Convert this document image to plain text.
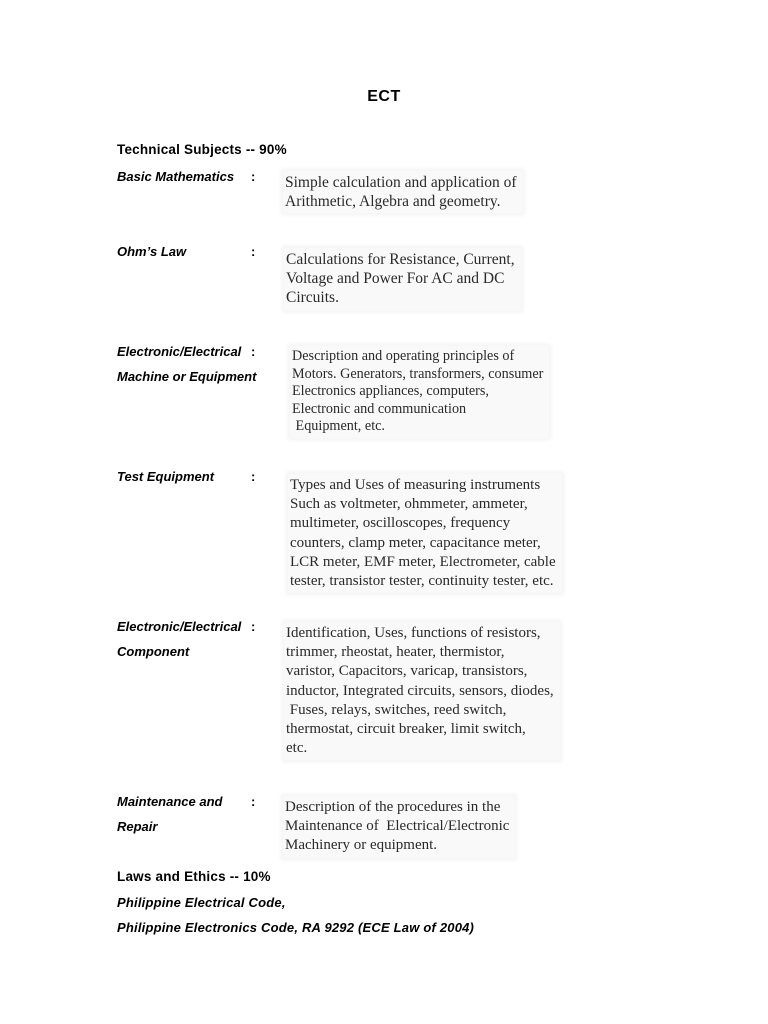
ECT
Technical Subjects -- 90%
Basic Mathematics : Simple calculation and application of
Arithmetic, Algebra and geometry.
Ohm’s Law	: Calculations for Resistance, Current,
Voltage and Power For AC and DC
Circuits.
Electronic/Electrical
Machine or Equipment
:	Description and operating principles of
Motors. Generators, transformers, consumer
Electronics appliances, computers,
Electronic and communication
Equipment, etc.
Test Equipment	:
Types and Uses of measuring instruments
Such as voltmeter, ohmmeter, ammeter,
multimeter, oscilloscopes, frequency
counters, clamp meter, capacitance meter,
LCR meter, EMF meter, Electrometer, cable
tester, transistor tester, continuity tester, etc.
Electronic/Electrical
Component
: Identification, Uses, functions of resistors,
trimmer, rheostat, heater, thermistor,
varistor, Capacitors, varicap, transistors,
inductor, Integrated circuits, sensors, diodes,
Fuses, relays, switches, reed switch,
thermostat, circuit breaker, limit switch,
etc.
Maintenance and
Repair
: Description of the procedures in the
Maintenance of  Electrical/Electronic
Machinery or equipment.
Laws and Ethics -- 10%
Philippine Electrical Code,
Philippine Electronics Code, RA 9292 (ECE Law of 2004)
